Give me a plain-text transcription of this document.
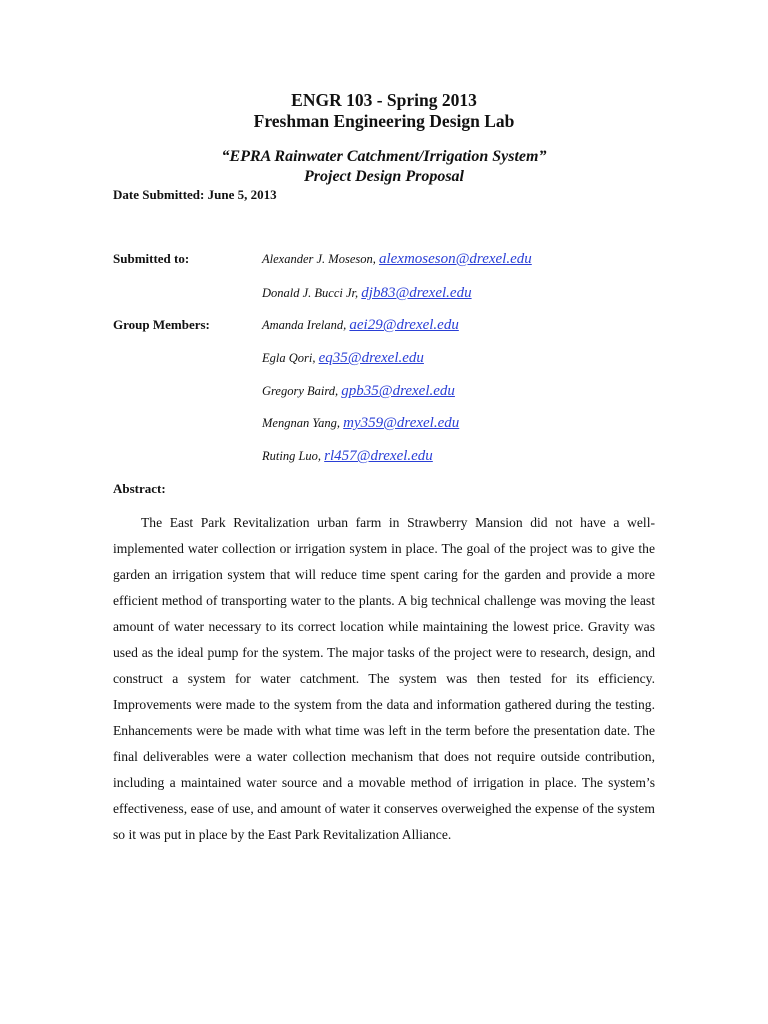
ENGR 103 - Spring 2013
Freshman Engineering Design Lab
“EPRA Rainwater Catchment/Irrigation System”
Project Design Proposal
Date Submitted: June 5, 2013
Submitted to:	Alexander J. Moseson, alexmoseson@drexel.edu
Donald J. Bucci Jr, djb83@drexel.edu
Group Members:	Amanda Ireland, aei29@drexel.edu
Egla Qori, eq35@drexel.edu
Gregory Baird, gpb35@drexel.edu
Mengnan Yang, my359@drexel.edu
Ruting Luo, rl457@drexel.edu
Abstract:

The East Park Revitalization urban farm in Strawberry Mansion did not have a well-implemented water collection or irrigation system in place. The goal of the project was to give the garden an irrigation system that will reduce time spent caring for the garden and provide a more efficient method of transporting water to the plants. A big technical challenge was moving the least amount of water necessary to its correct location while maintaining the lowest price. Gravity was used as the ideal pump for the system. The major tasks of the project were to research, design, and construct a system for water catchment. The system was then tested for its efficiency. Improvements were made to the system from the data and information gathered during the testing. Enhancements were be made with what time was left in the term before the presentation date. The final deliverables were a water collection mechanism that does not require outside contribution, including a maintained water source and a movable method of irrigation in place. The system’s effectiveness, ease of use, and amount of water it conserves overweighed the expense of the system so it was put in place by the East Park Revitalization Alliance.
